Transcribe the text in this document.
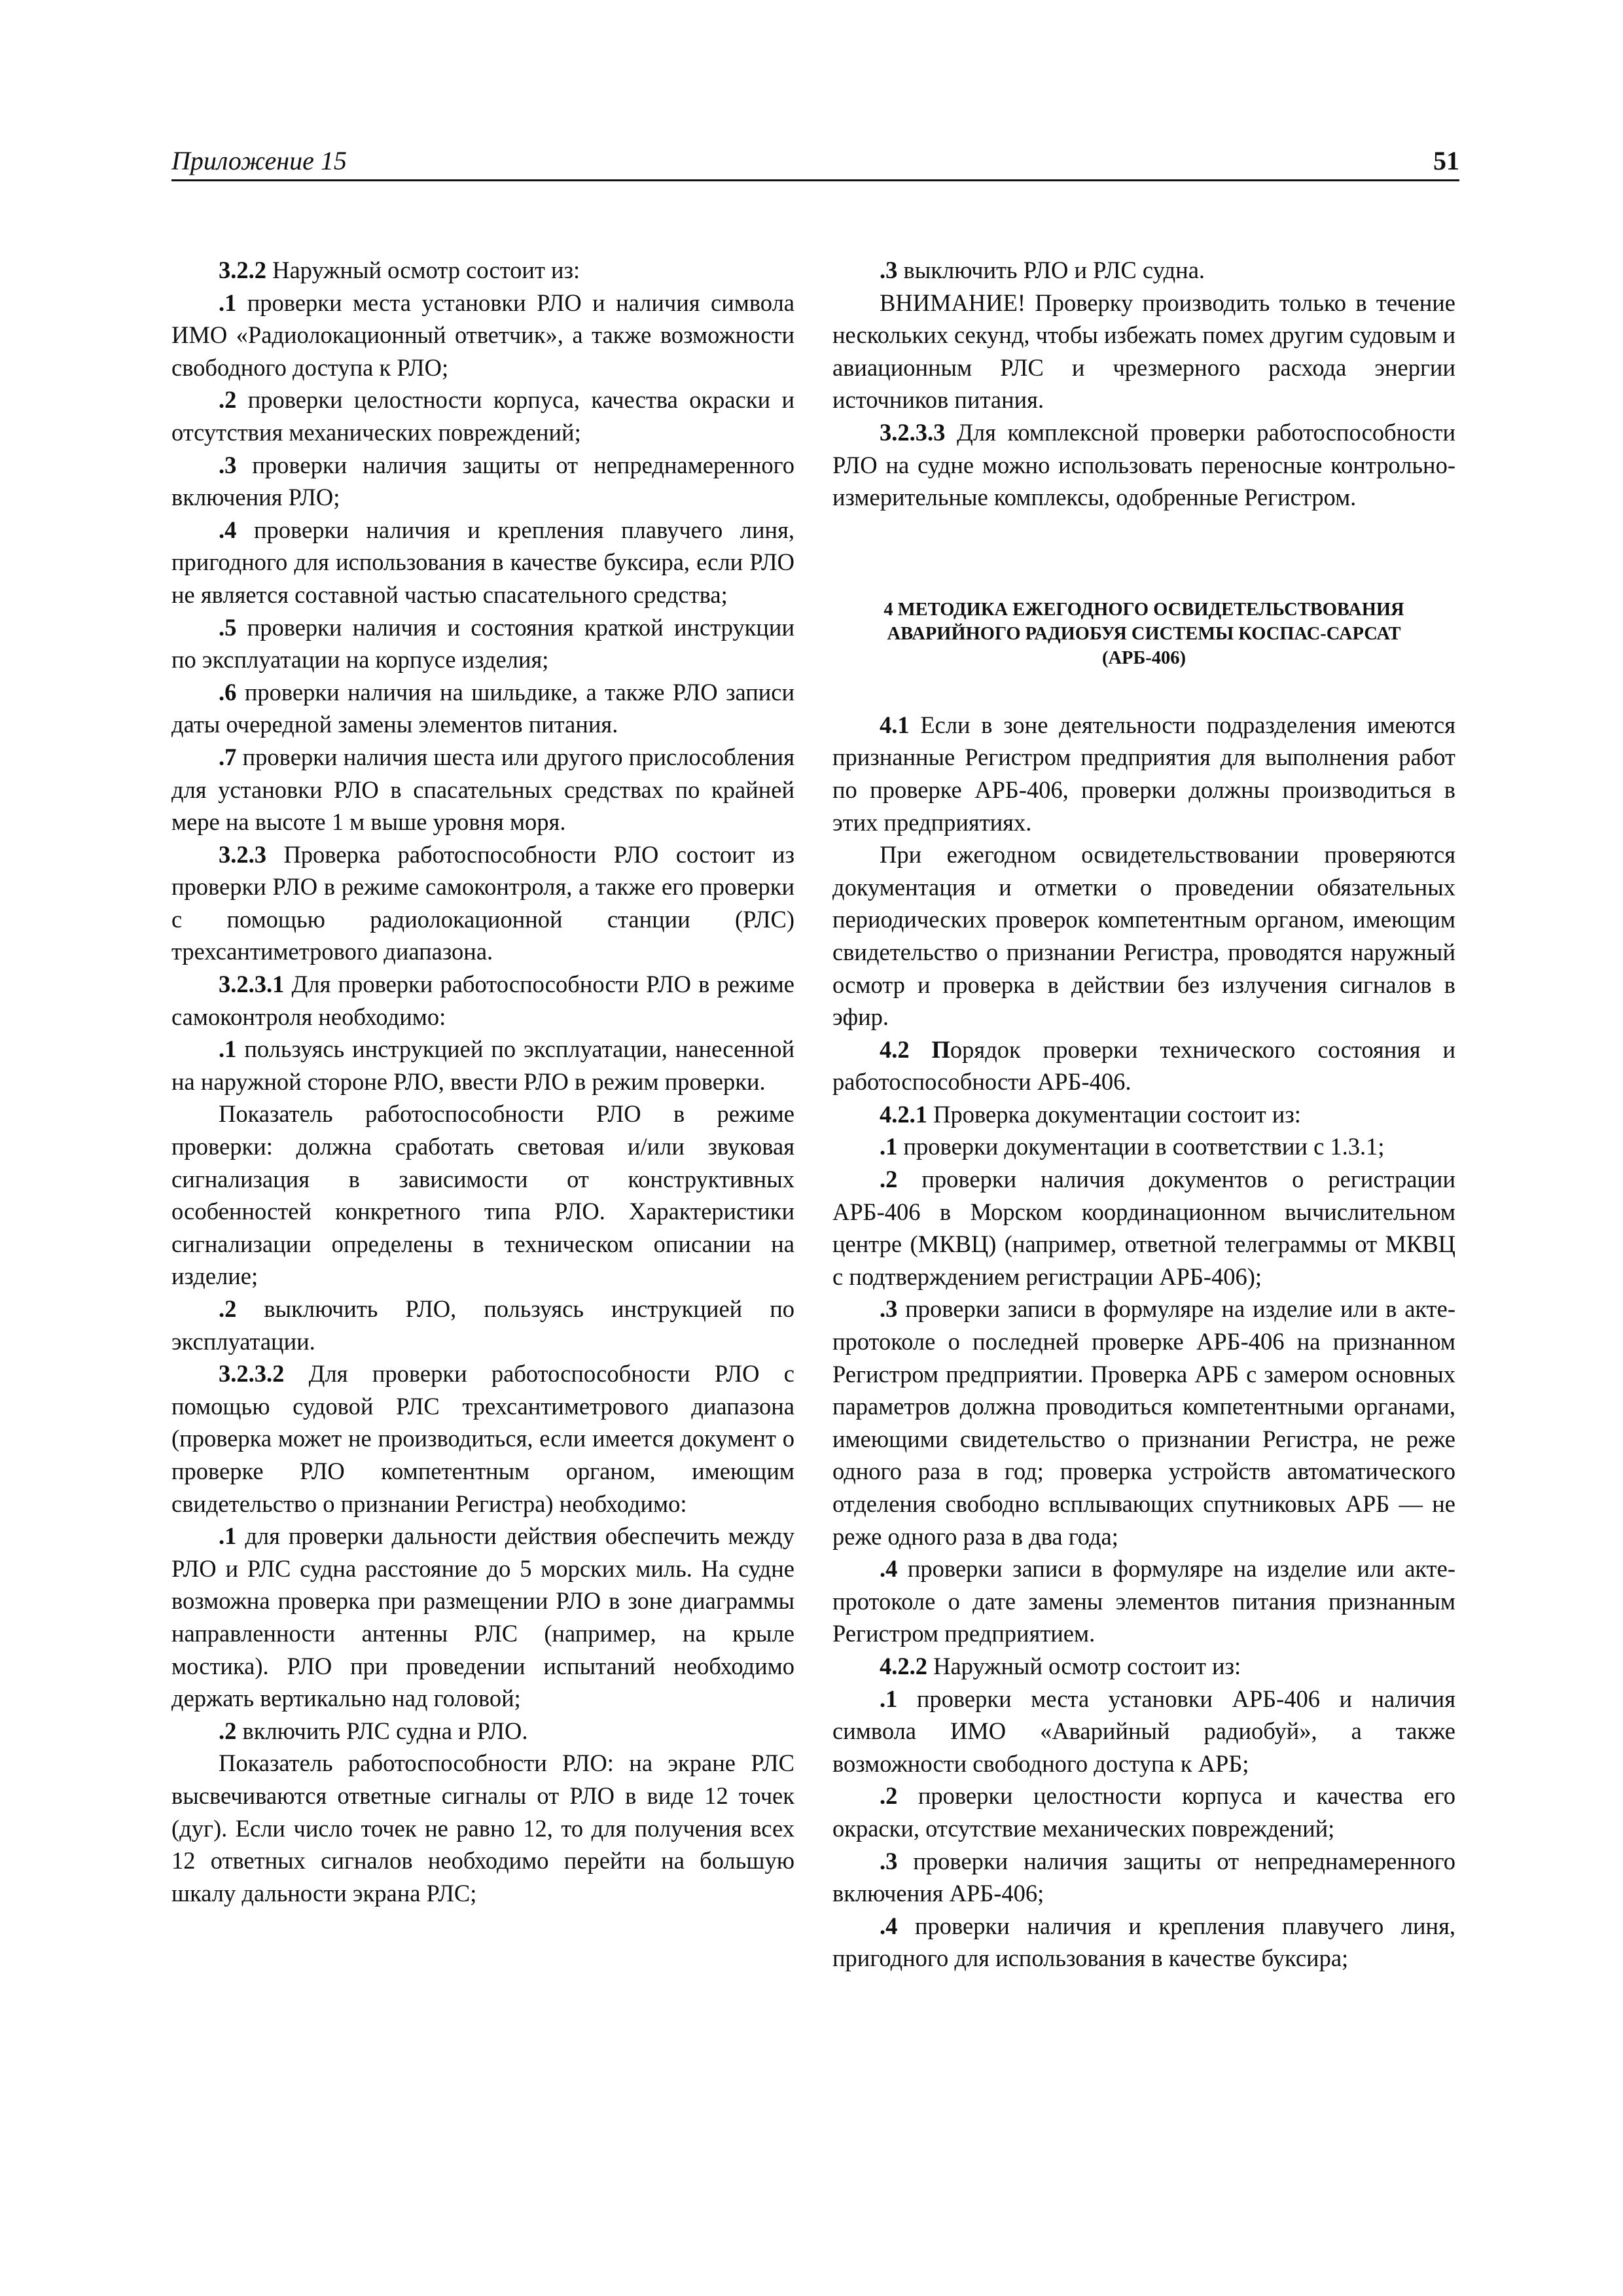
Приложение 15	51

3.2.2 Наружный осмотр состоит из:

.1 проверки места установки РЛО и наличия символа ИМО «Радиолокационный ответчик», а также возможности свободного доступа к РЛО;

.2 проверки целостности корпуса, качества окраски и отсутствия механических повреждений;

.3 проверки наличия защиты от непреднамеренного включения РЛО;

.4 проверки наличия и крепления плавучего линя, пригодного для использования в качестве буксира, если РЛО не является составной частью спасательного средства;

.5 проверки наличия и состояния краткой инструкции по эксплуатации на корпусе изделия;

.6 проверки наличия на шильдике, а также РЛО записи даты очередной замены элементов питания.

.7 проверки наличия шеста или другого прислособления для установки РЛО в спасательных средствах по крайней мере на высоте 1 м выше уровня моря.

3.2.3 Проверка работоспособности РЛО состоит из проверки РЛО в режиме самоконтроля, а также его проверки с помощью радиолокационной станции (РЛС) трехсантиметрового диапазона.

3.2.3.1 Для проверки работоспособности РЛО в режиме самоконтроля необходимо:

.1 пользуясь инструкцией по эксплуатации, нанесенной на наружной стороне РЛО, ввести РЛО в режим проверки.

Показатель работоспособности РЛО в режиме проверки: должна сработать световая и/или звуковая сигнализация в зависимости от конструктивных особенностей конкретного типа РЛО. Характеристики сигнализации определены в техническом описании на изделие;

.2 выключить РЛО, пользуясь инструкцией по эксплуатации.

3.2.3.2 Для проверки работоспособности РЛО с помощью судовой РЛС трехсантиметрового диапазона (проверка может не производиться, если имеется документ о проверке РЛО компетентным органом, имеющим свидетельство о признании Регистра) необходимо:

.1 для проверки дальности действия обеспечить между РЛО и РЛС судна расстояние до 5 морских миль. На судне возможна проверка при размещении РЛО в зоне диаграммы направленности антенны РЛС (например, на крыле мостика). РЛО при проведении испытаний необходимо держать вертикально над головой;

.2 включить РЛС судна и РЛО.

Показатель работоспособности РЛО: на экране РЛС высвечиваются ответные сигналы от РЛО в виде 12 точек (дуг). Если число точек не равно 12, то для получения всех 12 ответных сигналов необходимо перейти на большую шкалу дальности экрана РЛС;

.3 выключить РЛО и РЛС судна.

ВНИМАНИЕ! Проверку производить только в течение нескольких секунд, чтобы избежать помех другим судовым и авиационным РЛС и чрезмерного расхода энергии источников питания.

3.2.3.3 Для комплексной проверки работоспособности РЛО на судне можно использовать переносные контрольно-измерительные комплексы, одобренные Регистром.

4 МЕТОДИКА ЕЖЕГОДНОГО ОСВИДЕТЕЛЬСТВОВАНИЯ
АВАРИЙНОГО РАДИОБУЯ СИСТЕМЫ КОСПАС-САРСАТ
(АРБ-406)

4.1 Если в зоне деятельности подразделения имеются признанные Регистром предприятия для выполнения работ по проверке АРБ-406, проверки должны производиться в этих предприятиях.

При ежегодном освидетельствовании проверяются документация и отметки о проведении обязательных периодических проверок компетентным органом, имеющим свидетельство о признании Регистра, проводятся наружный осмотр и проверка в действии без излучения сигналов в эфир.

4.2 Порядок проверки технического состояния и работоспособности АРБ-406.

4.2.1 Проверка документации состоит из:

.1 проверки документации в соответствии с 1.3.1;

.2 проверки наличия документов о регистрации АРБ-406 в Морском координационном вычислительном центре (МКВЦ) (например, ответной телеграммы от МКВЦ с подтверждением регистрации АРБ-406);

.3 проверки записи в формуляре на изделие или в акте-протоколе о последней проверке АРБ-406 на признанном Регистром предприятии. Проверка АРБ с замером основных параметров должна проводиться компетентными органами, имеющими свидетельство о признании Регистра, не реже одного раза в год; проверка устройств автоматического отделения свободно всплывающих спутниковых АРБ — не реже одного раза в два года;

.4 проверки записи в формуляре на изделие или акте-протоколе о дате замены элементов питания признанным Регистром предприятием.

4.2.2 Наружный осмотр состоит из:

.1 проверки места установки АРБ-406 и наличия символа ИМО «Аварийный радиобуй», а также возможности свободного доступа к АРБ;

.2 проверки целостности корпуса и качества его окраски, отсутствие механических повреждений;

.3 проверки наличия защиты от непреднамеренного включения АРБ-406;

.4 проверки наличия и крепления плавучего линя, пригодного для использования в качестве буксира;
